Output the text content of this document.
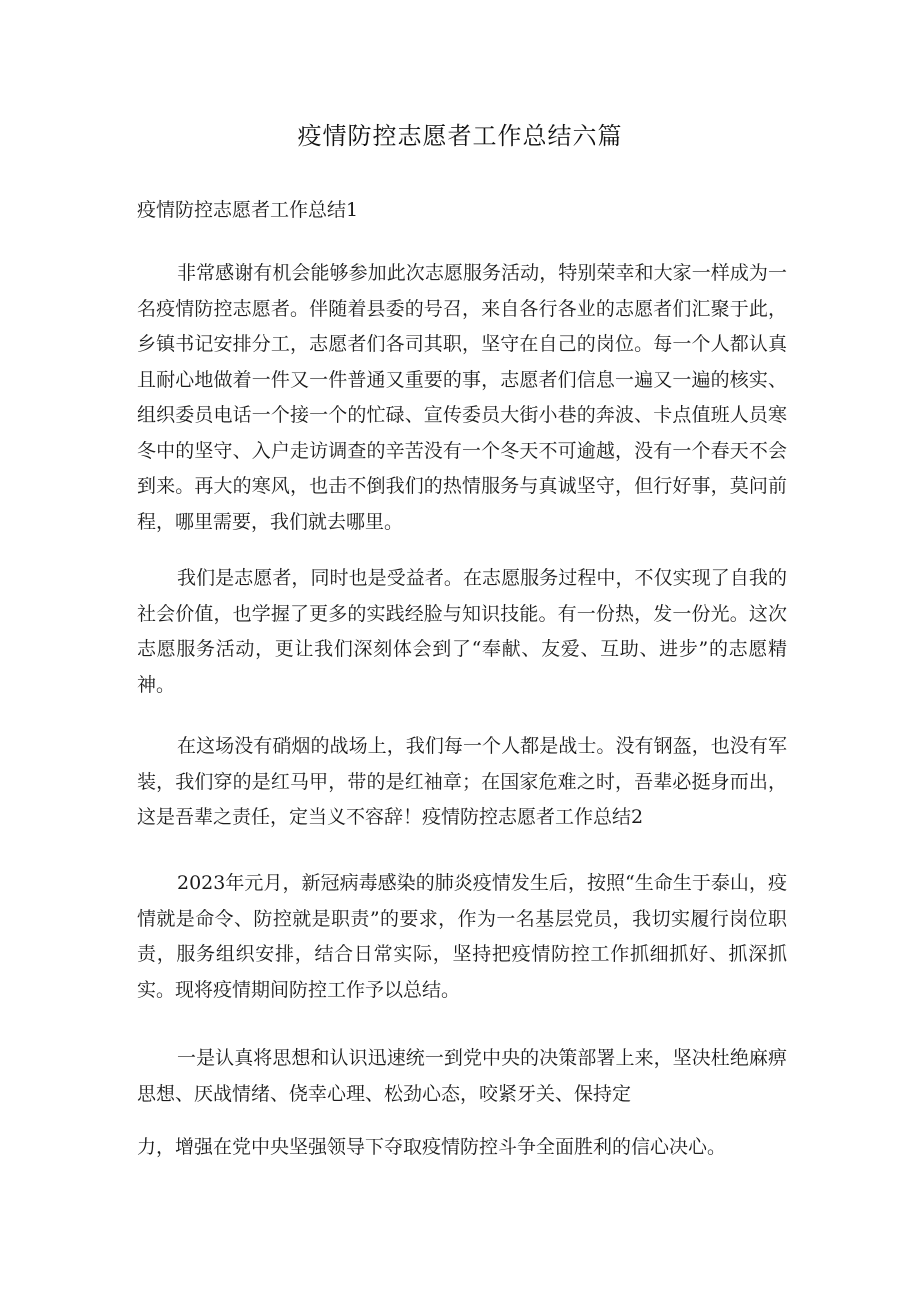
疫情防控志愿者工作总结六篇
疫情防控志愿者工作总结1

非常感谢有机会能够参加此次志愿服务活动，特别荣幸和大家一样成为一名疫情防控志愿者。伴随着县委的号召，来自各行各业的志愿者们汇聚于此，乡镇书记安排分工，志愿者们各司其职，坚守在自己的岗位。每一个人都认真且耐心地做着一件又一件普通又重要的事，志愿者们信息一遍又一遍的核实、组织委员电话一个接一个的忙碌、宣传委员大街小巷的奔波、卡点值班人员寒冬中的坚守、入户走访调查的辛苦没有一个冬天不可逾越，没有一个春天不会到来。再大的寒风，也击不倒我们的热情服务与真诚坚守，但行好事，莫问前程，哪里需要，我们就去哪里。

我们是志愿者，同时也是受益者。在志愿服务过程中，不仅实现了自我的社会价值，也学握了更多的实践经脸与知识技能。有一份热，发一份光。这次志愿服务活动，更让我们深刻体会到了“奉献、友爱、互助、进步”的志愿精神。

在这场没有硝烟的战场上，我们每一个人都是战士。没有钢盔，也没有军装，我们穿的是红马甲，带的是红袖章；在国家危难之时，吾辈必挺身而出，这是吾辈之责任，定当义不容辞！疫情防控志愿者工作总结2

2023年元月，新冠病毒感染的肺炎疫情发生后，按照“生命生于泰山，疫情就是命令、防控就是职责”的要求，作为一名基层党员，我切实履行岗位职责，服务组织安排，结合日常实际，坚持把疫情防控工作抓细抓好、抓深抓实。现将疫情期间防控工作予以总结。

一是认真将思想和认识迅速统一到党中央的决策部署上来，坚决杜绝麻痹思想、厌战情绪、侥幸心理、松劲心态，咬紧牙关、保持定

力，增强在党中央坚强领导下夺取疫情防控斗争全面胜利的信心决心。
